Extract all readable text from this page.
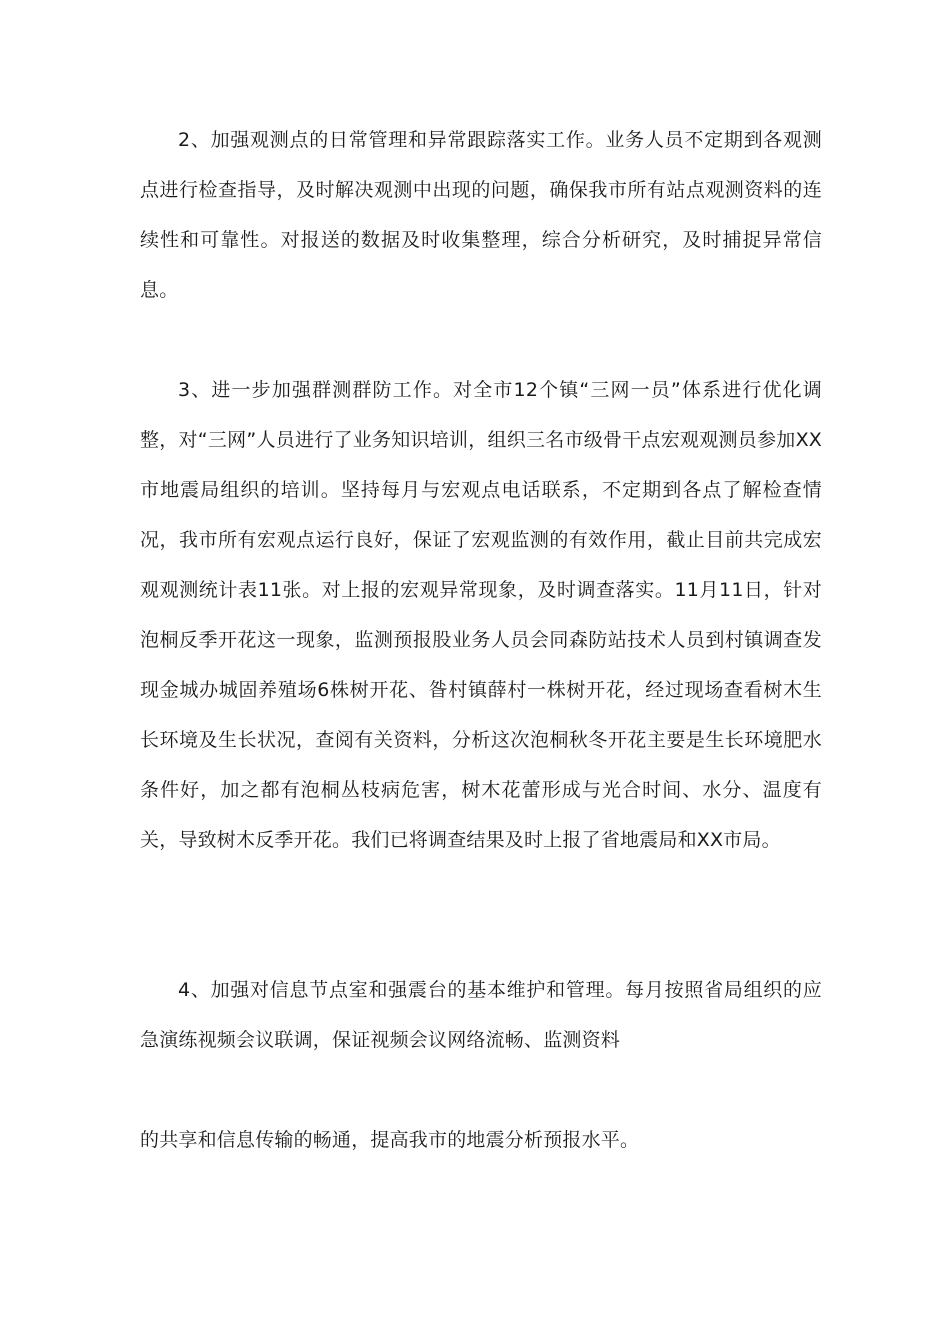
2、加强观测点的日常管理和异常跟踪落实工作。业务人员不定期到各观测点进行检查指导，及时解决观测中出现的问题，确保我市所有站点观测资料的连续性和可靠性。对报送的数据及时收集整理，综合分析研究，及时捕捉异常信息。

3、进一步加强群测群防工作。对全市12个镇“三网一员”体系进行优化调整，对“三网”人员进行了业务知识培训，组织三名市级骨干点宏观观测员参加XX市地震局组织的培训。坚持每月与宏观点电话联系，不定期到各点了解检查情况，我市所有宏观点运行良好，保证了宏观监测的有效作用，截止目前共完成宏观观测统计表11张。对上报的宏观异常现象，及时调查落实。11月11日，针对泡桐反季开花这一现象，监测预报股业务人员会同森防站技术人员到村镇调查发现金城办城固养殖场6株树开花、昝村镇薛村一株树开花，经过现场查看树木生长环境及生长状况，查阅有关资料，分析这次泡桐秋冬开花主要是生长环境肥水条件好，加之都有泡桐丛枝病危害，树木花蕾形成与光合时间、水分、温度有关，导致树木反季开花。我们已将调查结果及时上报了省地震局和XX市局。

4、加强对信息节点室和强震台的基本维护和管理。每月按照省局组织的应急演练视频会议联调，保证视频会议网络流畅、监测资料

的共享和信息传输的畅通，提高我市的地震分析预报水平。
